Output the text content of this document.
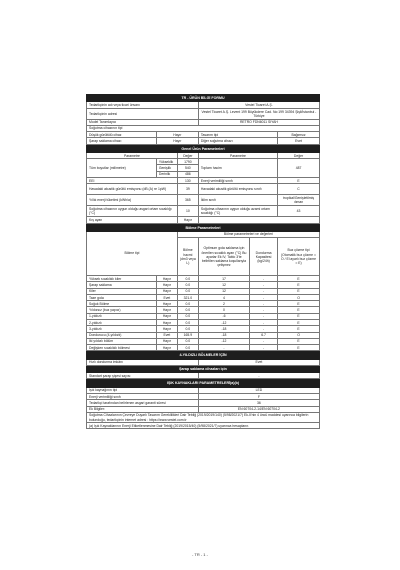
TR - ÜRÜN BİLGİ FORMU			
Tedarikçinin adı veya ticari ünvanı		Vestel Ticaret A.Ş.	
Tedarikçinin adresi		Vestel Ticaret A.Ş. Levent 199 Büyükdere Cad. No:199 34394 Şişli/İstanbul - Türkiye	
Model Tanımlayıcı		RETRO FDN6011 SİYAH	
Soğutma cihazının tipi			
Düşük gürültülü cihaz	Hayır	Tasarım tipi	Bağımsız
Şarap saklama cihazı	Hayır	Diğer soğutma cihazı	Evet
Genel Ürün Parametreleri				
Parametre		Değer	Parametre	Değer
Tüm boyutlar (milimetre)	Yükseklik	1790	Toplam hacim	487
	Genişlik	540		
	Derinlik	486		
EEI		130	Enerji verimliliği sınıfı	E
Havadaki akustik gürültü emisyonu (dB (A) re 1pW)		39	Havadaki akustik gürültü emisyonu sınıfı	C
Yıllık enerji tüketimi (kWh/a)		365	İklim sınıfı	tropikal/Genişletilmiş ılıman
Soğutma cihazının uygun olduğu asgari ortam sıcaklığı (°C)		10	Soğutma cihazının uygun olduğu azami ortam sıcaklığı (°C)	43
Kış ayarı		Hayır		
Bölme Parametreleri					
Bölme tipi		Bölme parametreleri ve değerleri			
		Bölme hacmi (dm3 veya L)	Optimum gıda saklama için önerilen sıcaklık ayarı (°C) Bu ayarlar Ek IV, Tablo 3'te belirtilen saklama koşullarıyla çelişmez	Dondurma Kapasitesi (kg/24h)	Buz çözme tipi (Otomatik buz çözme = O / El ayarlı buz çözme = E)
Yüksek sıcaklıklı kiler	Hayır	0.0	17	-	E
Şarap saklama	Hayır	0.0	12	-	E
Kiler	Hayır	0.0	12	-	E
Taze gıda	Evet	321.0	4	-	O
Soğuk Bölme	Hayır	0.0	2	-	E
Yıldızsız (buz yapıcı)	Hayır	0.0	0	-	E
1-yıldızlı	Hayır	0.0	-6	-	E
2-yıldızlı	Hayır	0.0	-12	-	E
3-yıldızlı	Hayır	0.0	-18	-	E
Dondurucu (4-yıldızlı)	Evet	165.9	-18	6.7	O
İki yıldızlı bölüm	Hayır	0.0	-12	-	E
Değişken sıcaklıklı bölmesi	Hayır	0.0	-	-	E
4-YILDIZLI BÖLMELER İÇİN	
Hızlı dondurma imkânı	Evet
Şarap saklama cihazları için	
Standart şarap şişesi sayısı	-
IŞIK KAYNAKLARI PARAMETRELERİ(a)(b)	
Işık kaynağının tipi	LED
Enerji verimliliği sınıfı	F
Tedarikçi tarafından belirlenen asgari garanti süresi	36
Ek Bilgiler:	EN 60704-2-14/EN 60704-2
Soğutma Cihazlarının Çevreye Duyarlı Tasarım Gereklilikleri Dair Tebliğ (2019/2019/140) (5/98/2021/7) Ek-II'nin 4 üncü maddesi uyarınca bilgilerin bulunduğu, tedarikçinin internet adresi : https://www.vestel.com.tr	
(a) Işık Kaynaklarının Enerji Etiketlenmesine Dair Tebliğ (2019/2015/40) (5/98/2021/7) uyarınca hesaplanır.	
- TR - 1 -
